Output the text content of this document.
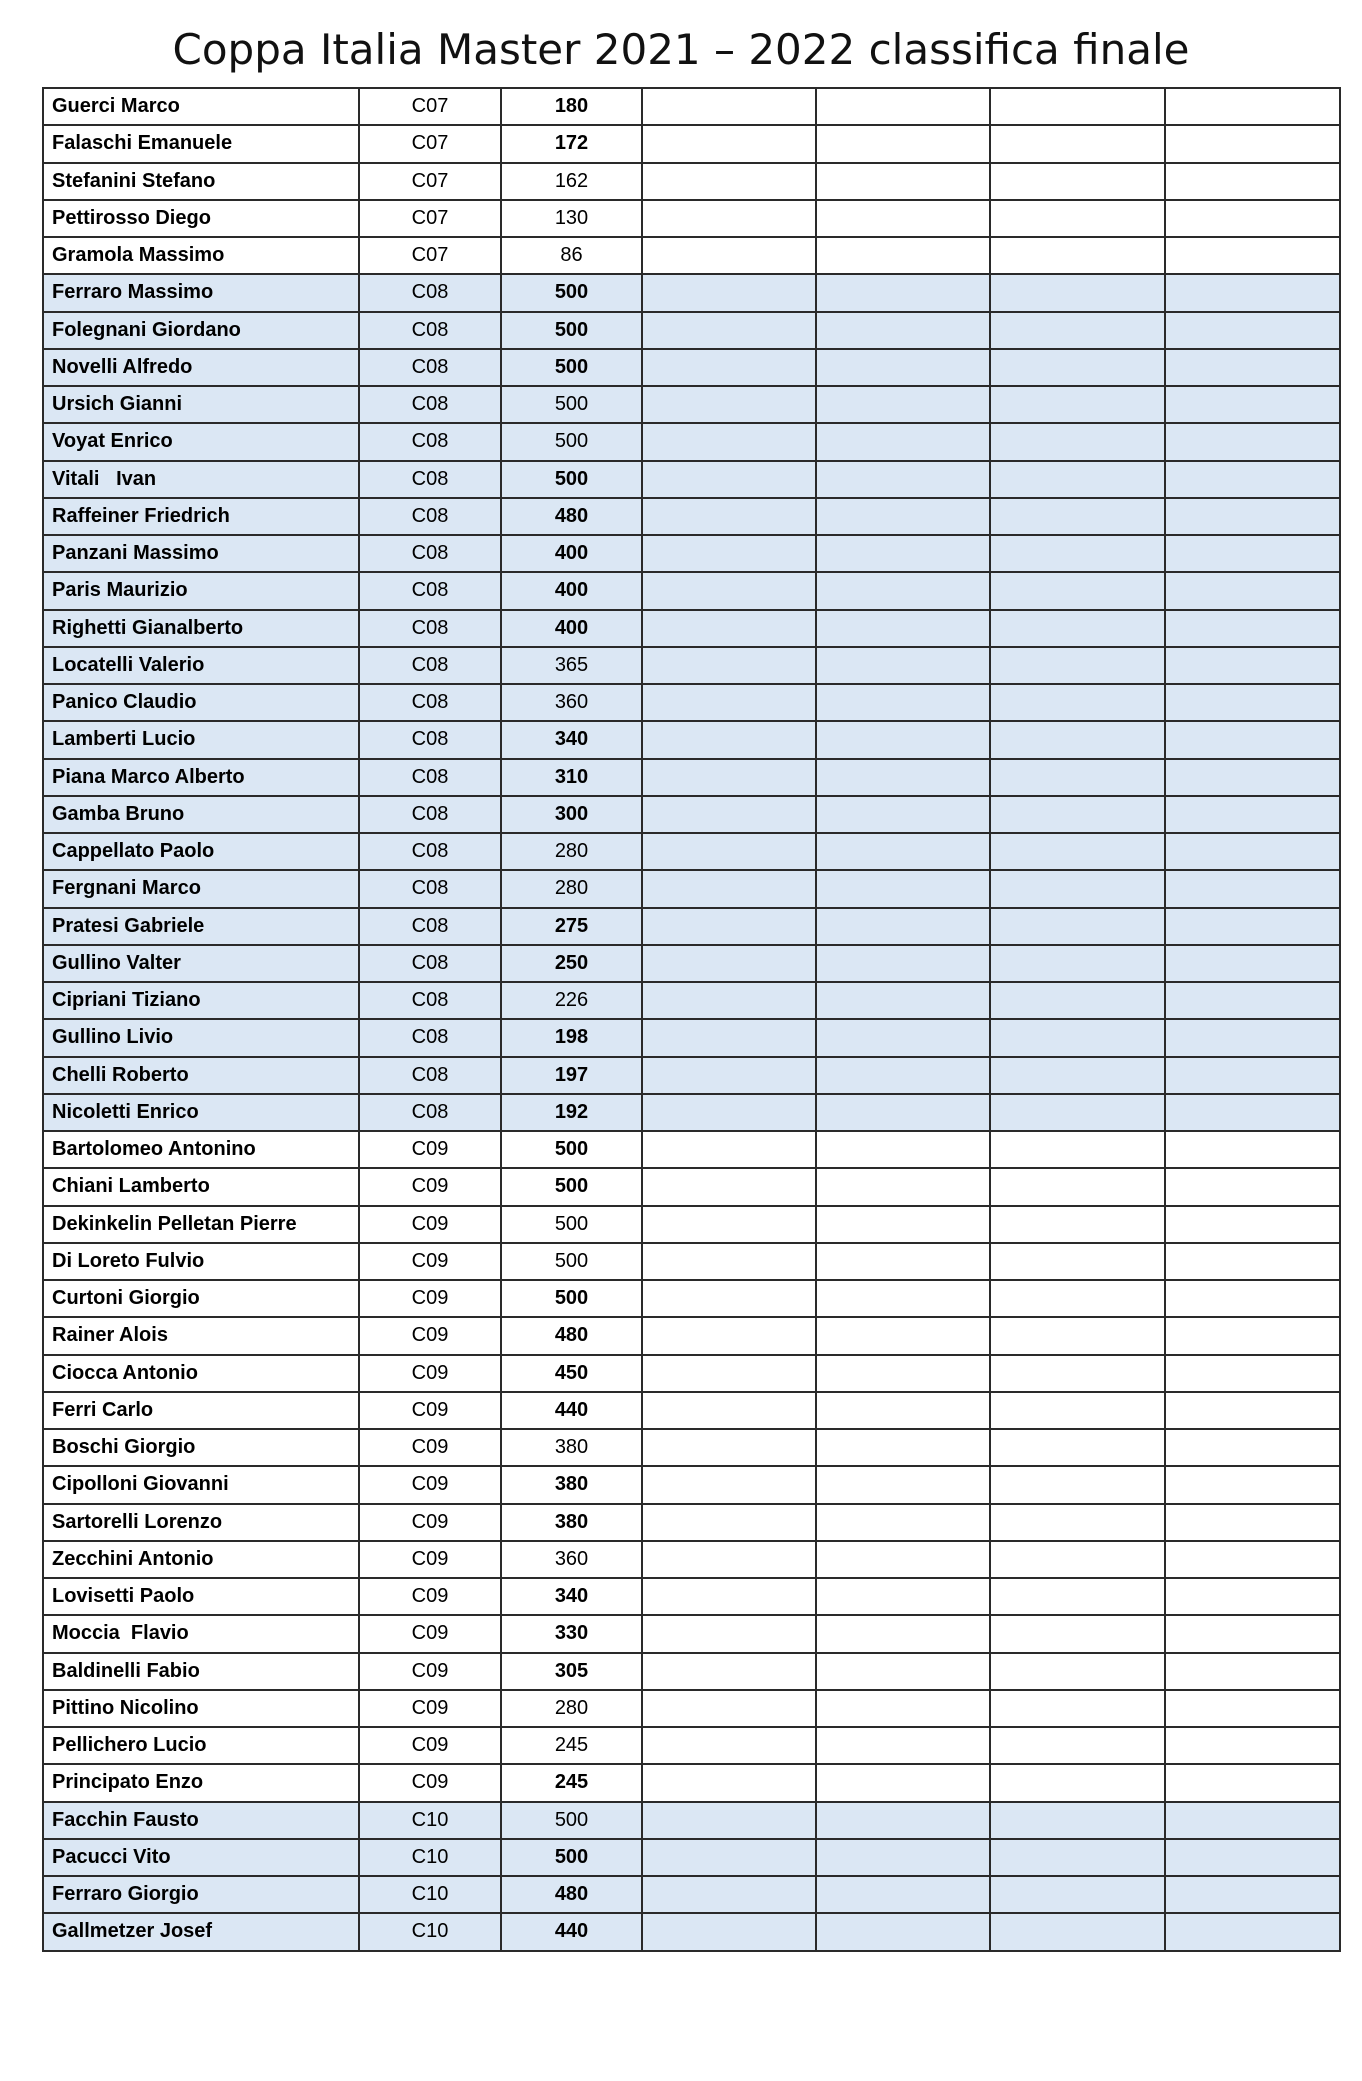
Coppa Italia Master 2021 – 2022 classifica finale
Guerci Marco	C07	180				
Falaschi Emanuele	C07	172				
Stefanini Stefano	C07	162				
Pettirosso Diego	C07	130				
Gramola Massimo	C07	86				
Ferraro Massimo	C08	500				
Folegnani Giordano	C08	500				
Novelli Alfredo	C08	500				
Ursich Gianni	C08	500				
Voyat Enrico	C08	500				
Vitali   Ivan	C08	500				
Raffeiner Friedrich	C08	480				
Panzani Massimo	C08	400				
Paris Maurizio	C08	400				
Righetti Gianalberto	C08	400				
Locatelli Valerio	C08	365				
Panico Claudio	C08	360				
Lamberti Lucio	C08	340				
Piana Marco Alberto	C08	310				
Gamba Bruno	C08	300				
Cappellato Paolo	C08	280				
Fergnani Marco	C08	280				
Pratesi Gabriele	C08	275				
Gullino Valter	C08	250				
Cipriani Tiziano	C08	226				
Gullino Livio	C08	198				
Chelli Roberto	C08	197				
Nicoletti Enrico	C08	192				
Bartolomeo Antonino	C09	500				
Chiani Lamberto	C09	500				
Dekinkelin Pelletan Pierre	C09	500				
Di Loreto Fulvio	C09	500				
Curtoni Giorgio	C09	500				
Rainer Alois	C09	480				
Ciocca Antonio	C09	450				
Ferri Carlo	C09	440				
Boschi Giorgio	C09	380				
Cipolloni Giovanni	C09	380				
Sartorelli Lorenzo	C09	380				
Zecchini Antonio	C09	360				
Lovisetti Paolo	C09	340				
Moccia  Flavio	C09	330				
Baldinelli Fabio	C09	305				
Pittino Nicolino	C09	280				
Pellichero Lucio	C09	245				
Principato Enzo	C09	245				
Facchin Fausto	C10	500				
Pacucci Vito	C10	500				
Ferraro Giorgio	C10	480				
Gallmetzer Josef	C10	440				
